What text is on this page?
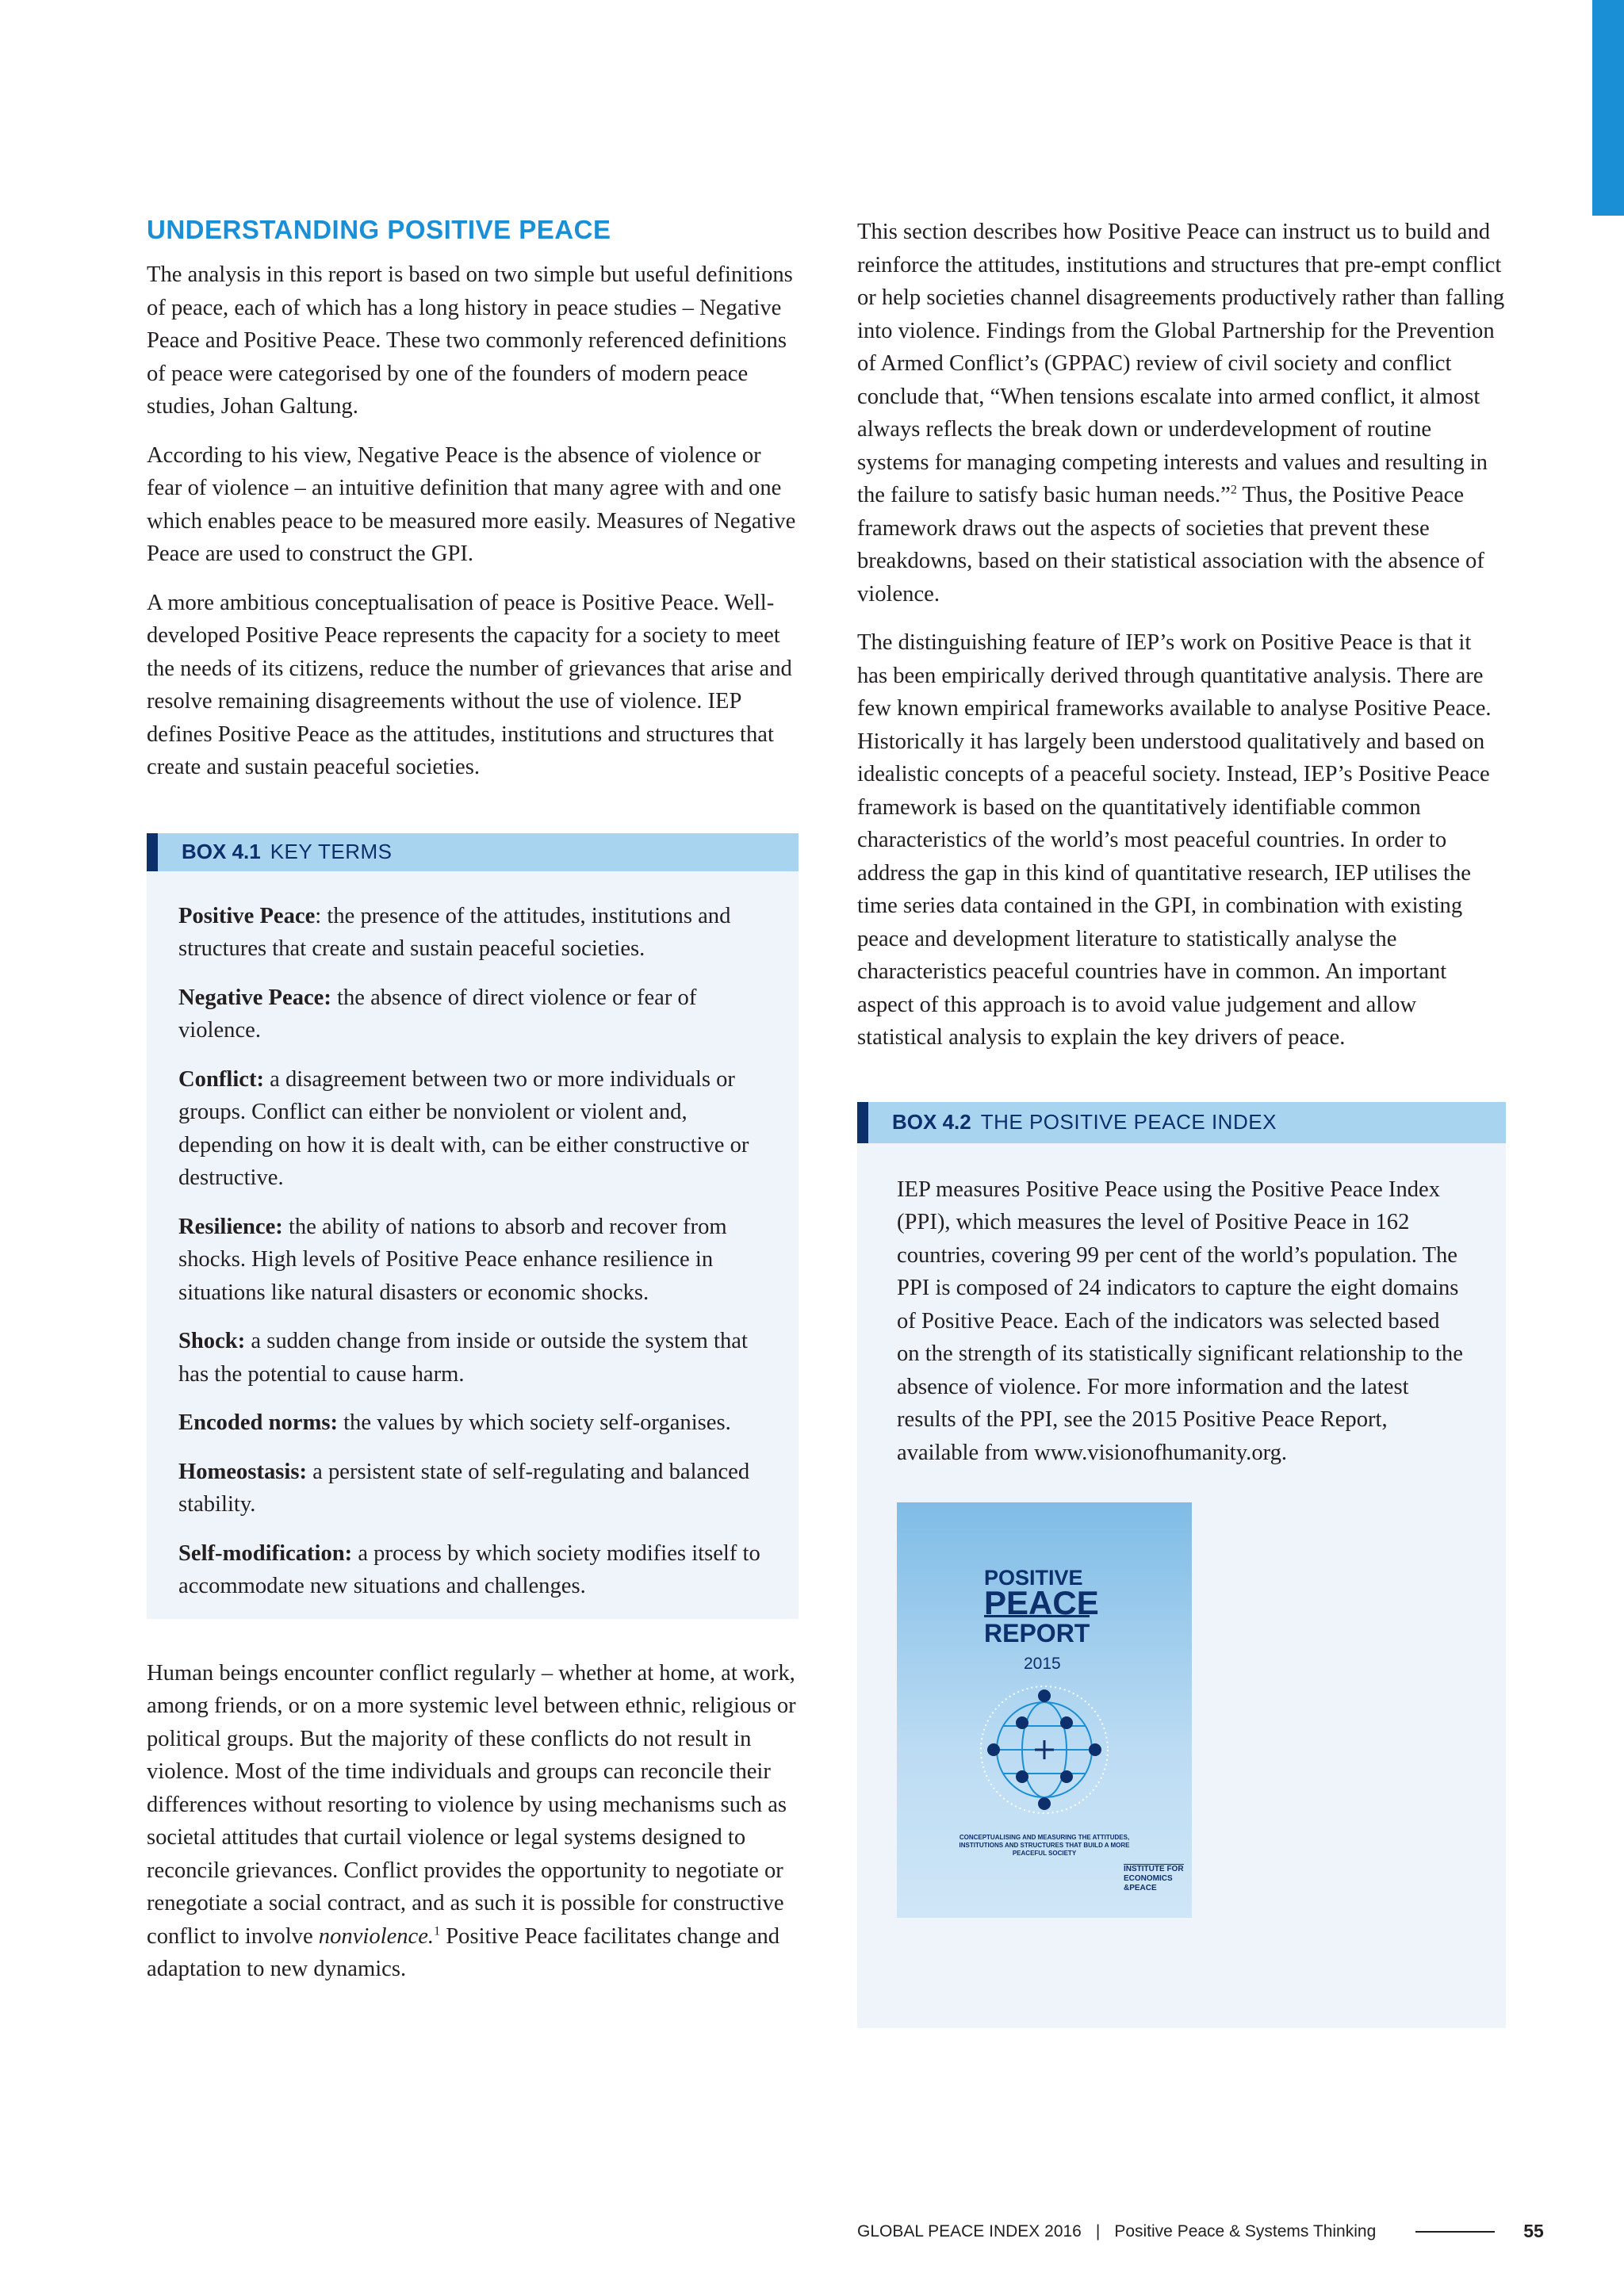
UNDERSTANDING POSITIVE PEACE

The analysis in this report is based on two simple but useful definitions of peace, each of which has a long history in peace studies – Negative Peace and Positive Peace. These two commonly referenced definitions of peace were categorised by one of the founders of modern peace studies, Johan Galtung.

According to his view, Negative Peace is the absence of violence or fear of violence – an intuitive definition that many agree with and one which enables peace to be measured more easily. Measures of Negative Peace are used to construct the GPI.

A more ambitious conceptualisation of peace is Positive Peace. Well-developed Positive Peace represents the capacity for a society to meet the needs of its citizens, reduce the number of grievances that arise and resolve remaining disagreements without the use of violence. IEP defines Positive Peace as the attitudes, institutions and structures that create and sustain peaceful societies.

BOX 4.1 KEY TERMS

Positive Peace: the presence of the attitudes, institutions and structures that create and sustain peaceful societies.

Negative Peace: the absence of direct violence or fear of violence.

Conflict: a disagreement between two or more individuals or groups. Conflict can either be nonviolent or violent and, depending on how it is dealt with, can be either constructive or destructive.

Resilience: the ability of nations to absorb and recover from shocks. High levels of Positive Peace enhance resilience in situations like natural disasters or economic shocks.

Shock: a sudden change from inside or outside the system that has the potential to cause harm.

Encoded norms: the values by which society self-organises.

Homeostasis: a persistent state of self-regulating and balanced stability.

Self-modification: a process by which society modifies itself to accommodate new situations and challenges.

Human beings encounter conflict regularly – whether at home, at work, among friends, or on a more systemic level between ethnic, religious or political groups. But the majority of these conflicts do not result in violence. Most of the time individuals and groups can reconcile their differences without resorting to violence by using mechanisms such as societal attitudes that curtail violence or legal systems designed to reconcile grievances. Conflict provides the opportunity to negotiate or renegotiate a social contract, and as such it is possible for constructive conflict to involve nonviolence.$^1$ Positive Peace facilitates change and adaptation to new dynamics.

This section describes how Positive Peace can instruct us to build and reinforce the attitudes, institutions and structures that pre-empt conflict or help societies channel disagreements productively rather than falling into violence. Findings from the Global Partnership for the Prevention of Armed Conflict’s (GPPAC) review of civil society and conflict conclude that, “When tensions escalate into armed conflict, it almost always reflects the break down or underdevelopment of routine systems for managing competing interests and values and resulting in the failure to satisfy basic human needs.”$^2$ Thus, the Positive Peace framework draws out the aspects of societies that prevent these breakdowns, based on their statistical association with the absence of violence.

The distinguishing feature of IEP’s work on Positive Peace is that it has been empirically derived through quantitative analysis. There are few known empirical frameworks available to analyse Positive Peace. Historically it has largely been understood qualitatively and based on idealistic concepts of a peaceful society. Instead, IEP’s Positive Peace framework is based on the quantitatively identifiable common characteristics of the world’s most peaceful countries. In order to address the gap in this kind of quantitative research, IEP utilises the time series data contained in the GPI, in combination with existing peace and development literature to statistically analyse the characteristics peaceful countries have in common. An important aspect of this approach is to avoid value judgement and allow statistical analysis to explain the key drivers of peace.

BOX 4.2 THE POSITIVE PEACE INDEX

IEP measures Positive Peace using the Positive Peace Index (PPI), which measures the level of Positive Peace in 162 countries, covering 99 per cent of the world’s population. The PPI is composed of 24 indicators to capture the eight domains of Positive Peace. Each of the indicators was selected based on the strength of its statistically significant relationship to the absence of violence. For more information and the latest results of the PPI, see the 2015 Positive Peace Report, available from www.visionofhumanity.org.

POSITIVE
PEACE
REPORT
2015
CONCEPTUALISING AND MEASURING THE ATTITUDES, INSTITUTIONS AND STRUCTURES THAT BUILD A MORE PEACEFUL SOCIETY
INSTITUTE FOR
ECONOMICS
&PEACE
GLOBAL PEACE INDEX 2016 | Positive Peace & Systems Thinking	55
